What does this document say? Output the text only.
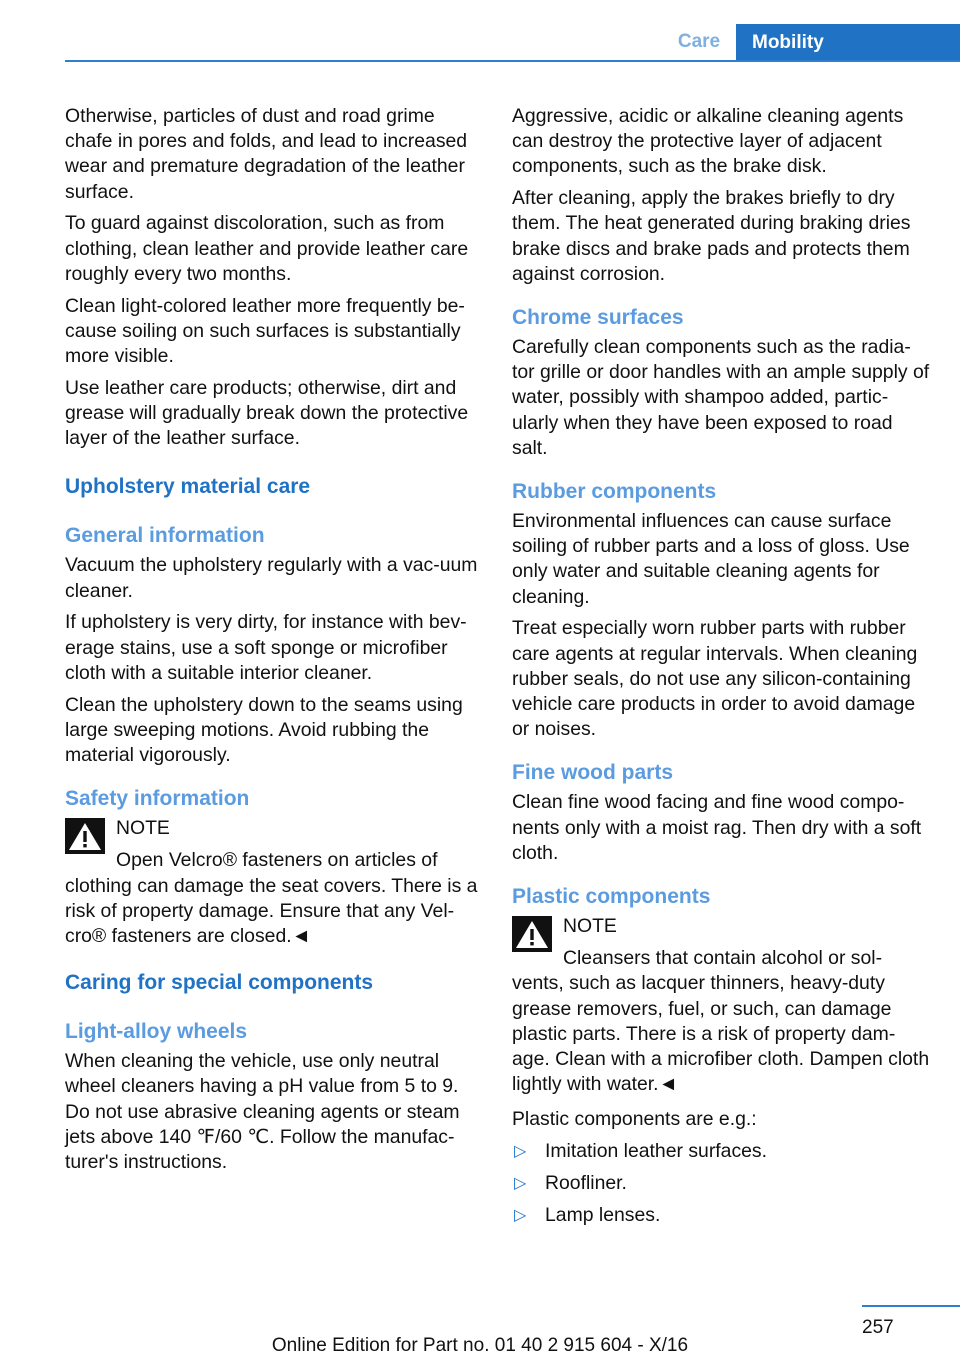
Care	Mobility

Otherwise, particles of dust and road grime chafe in pores and folds, and lead to increased wear and premature degradation of the leather surface.

To guard against discoloration, such as from clothing, clean leather and provide leather care roughly every two months.

Clean light-colored leather more frequently be-cause soiling on such surfaces is substantially more visible.

Use leather care products; otherwise, dirt and grease will gradually break down the protective layer of the leather surface.

Upholstery material care
General information

Vacuum the upholstery regularly with a vac-uum cleaner.

If upholstery is very dirty, for instance with bev-erage stains, use a soft sponge or microfiber cloth with a suitable interior cleaner.

Clean the upholstery down to the seams using large sweeping motions. Avoid rubbing the material vigorously.

Safety information
NOTE

Open Velcro® fasteners on articles of

clothing can damage the seat covers. There is a risk of property damage. Ensure that any Vel-cro® fasteners are closed.◄

Caring for special components
Light-alloy wheels

When cleaning the vehicle, use only neutral wheel cleaners having a pH value from 5 to 9. Do not use abrasive cleaning agents or steam jets above 140 ℉/60 ℃. Follow the manufac-turer's instructions.

Aggressive, acidic or alkaline cleaning agents can destroy the protective layer of adjacent components, such as the brake disk.

After cleaning, apply the brakes briefly to dry them. The heat generated during braking dries brake discs and brake pads and protects them against corrosion.

Chrome surfaces

Carefully clean components such as the radia-tor grille or door handles with an ample supply of water, possibly with shampoo added, partic-ularly when they have been exposed to road salt.

Rubber components

Environmental influences can cause surface soiling of rubber parts and a loss of gloss. Use only water and suitable cleaning agents for cleaning.

Treat especially worn rubber parts with rubber care agents at regular intervals. When cleaning rubber seals, do not use any silicon-containing vehicle care products in order to avoid damage or noises.

Fine wood parts

Clean fine wood facing and fine wood compo-nents only with a moist rag. Then dry with a soft cloth.

Plastic components
NOTE

Cleansers that contain alcohol or sol-

vents, such as lacquer thinners, heavy-duty grease removers, fuel, or such, can damage plastic parts. There is a risk of property dam-age. Clean with a microfiber cloth. Dampen cloth lightly with water.◄

Plastic components are e.g.:

▷ Imitation leather surfaces.
▷ Roofliner.
▷ Lamp lenses.
257
Online Edition for Part no. 01 40 2 915 604 - X/16
